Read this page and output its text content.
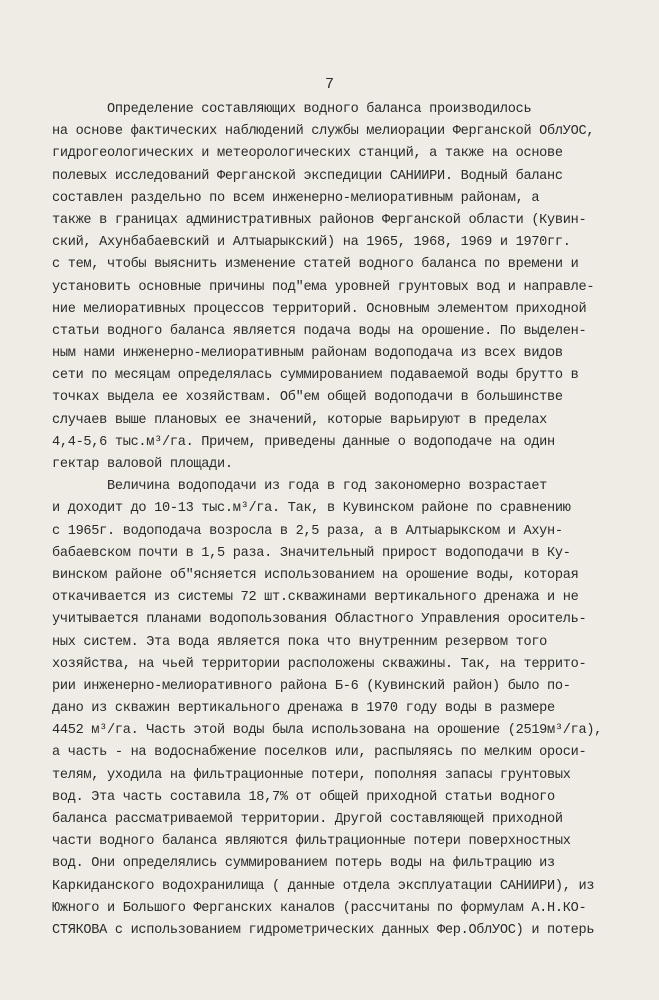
7
Определение составляющих водного баланса производилось
на основе фактических наблюдений службы мелиорации Ферганской ОблУОС,
гидрогеологических и метеорологических станций, а также на основе
полевых исследований Ферганской экспедиции САНИИРИ. Водный баланс
составлен раздельно по всем инженерно-мелиоративным районам, а
также в границах административных районов Ферганской области (Кувин-
ский, Ахунбабаевский и Алтыарыкский) на 1965, 1968, 1969 и 1970гг.
с тем, чтобы выяснить изменение статей водного баланса по времени и
установить основные причины под"ема уровней грунтовых вод и направле-
ние мелиоративных процессов территорий. Основным элементом приходной
статьи водного баланса является подача воды на орошение. По выделен-
ным нами инженерно-мелиоративным районам водоподача из всех видов
сети по месяцам определялась суммированием подаваемой воды бруттo в
точках выдела ее хозяйствам. Об"ем общей водоподачи в большинстве
случаев выше плановых ее значений, которые варьируют в пределах
4,4-5,6 тыс.м³/га. Причем, приведены данные о водоподаче на один
гектар валовой площади.
Величина водоподачи из года в год закономерно возрастает
и доходит до 10-13 тыс.м³/га. Так, в Кувинском районе по сравнению
с 1965г. водоподача возросла в 2,5 раза, а в Алтыарыкском и Ахун-
бабаевском почти в 1,5 раза. Значительный прирост водоподачи в Ку-
винском районе об"ясняется использованием на орошение воды, которая
откачивается из системы 72 шт.скважинами вертикального дренажа и не
учитывается планами водопользования Областного Управления ороситель-
ных систем. Эта вода является пока что внутренним резервом того
хозяйства, на чьей территории расположены скважины. Так, на террито-
рии инженерно-мелиоративного района Б-6 (Кувинский район) было по-
дано из скважин вертикального дренажа в 1970 году воды в размере
4452 м³/га. Часть этой воды была использована на орошение (2519м³/га),
а часть - на водоснабжение поселков или, распыляясь по мелким ороси-
телям, уходила на фильтрационные потери, пополняя запасы грунтовых
вод. Эта часть составила 18,7% от общей приходной статьи водного
баланса рассматриваемой территории. Другой составляющей приходной
части водного баланса являются фильтрационные потери поверхностных
вод. Они определялись суммированием потерь воды на фильтрацию из
Каркиданского водохранилища ( данные отдела эксплуатации САНИИРИ), из
Южного и Большого Ферганских каналов (рассчитаны по формулам А.Н.КО-
СТЯКОВА с использованием гидрометрических данных Фер.ОблУОС) и потерь
